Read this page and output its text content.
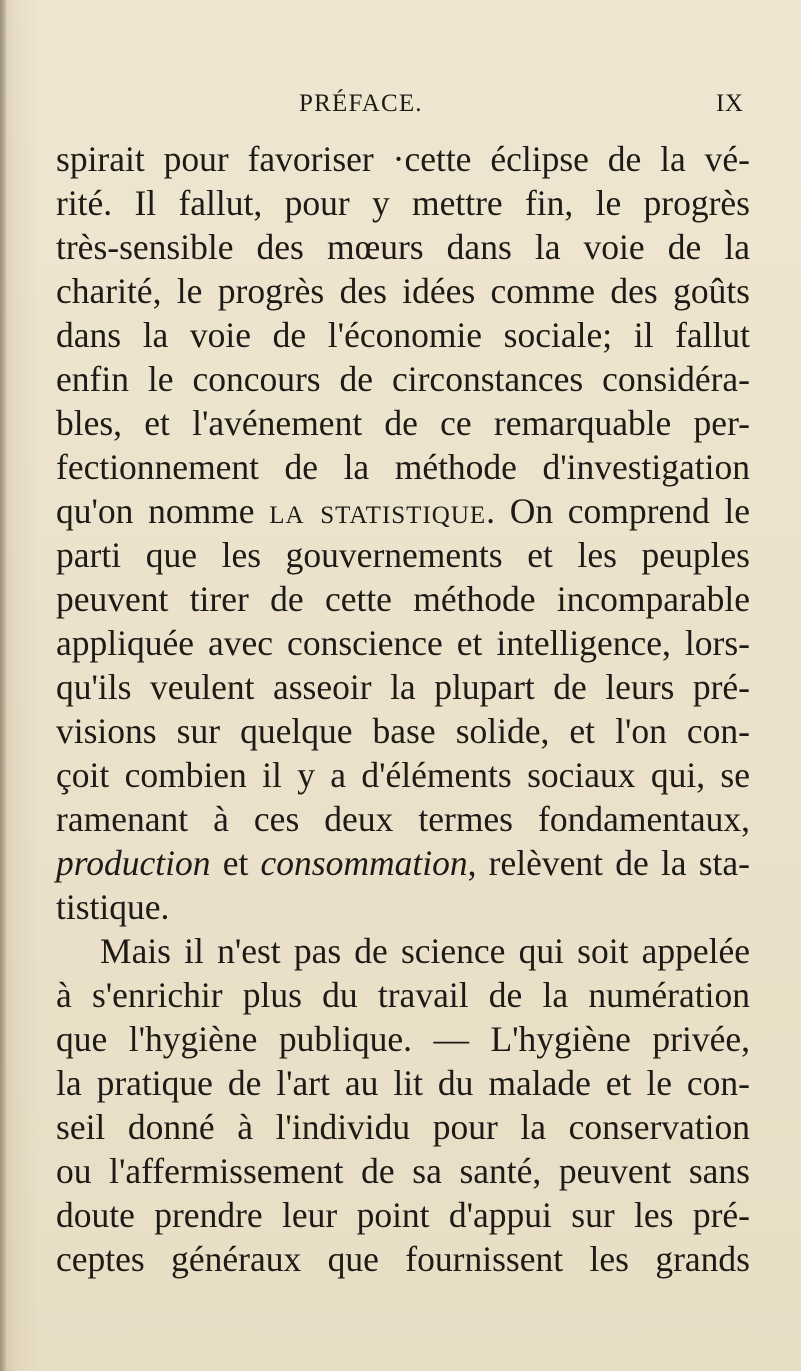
PRÉFACE.	IX
spirait pour favoriser ·cette éclipse de la vé-
rité. Il fallut, pour y mettre fin, le progrès
très-sensible des mœurs dans la voie de la
charité, le progrès des idées comme des goûts
dans la voie de l'économie sociale; il fallut
enfin le concours de circonstances considéra-
bles, et l'avénement de ce remarquable per-
fectionnement de la méthode d'investigation
qu'on nomme la statistique. On comprend le
parti que les gouvernements et les peuples
peuvent tirer de cette méthode incomparable
appliquée avec conscience et intelligence, lors-
qu'ils veulent asseoir la plupart de leurs pré-
visions sur quelque base solide, et l'on con-
çoit combien il y a d'éléments sociaux qui, se
ramenant à ces deux termes fondamentaux,
production et consommation, relèvent de la sta-
tistique.
Mais il n'est pas de science qui soit appelée
à s'enrichir plus du travail de la numération
que l'hygiène publique. — L'hygiène privée,
la pratique de l'art au lit du malade et le con-
seil donné à l'individu pour la conservation
ou l'affermissement de sa santé, peuvent sans
doute prendre leur point d'appui sur les pré-
ceptes généraux que fournissent les grands
